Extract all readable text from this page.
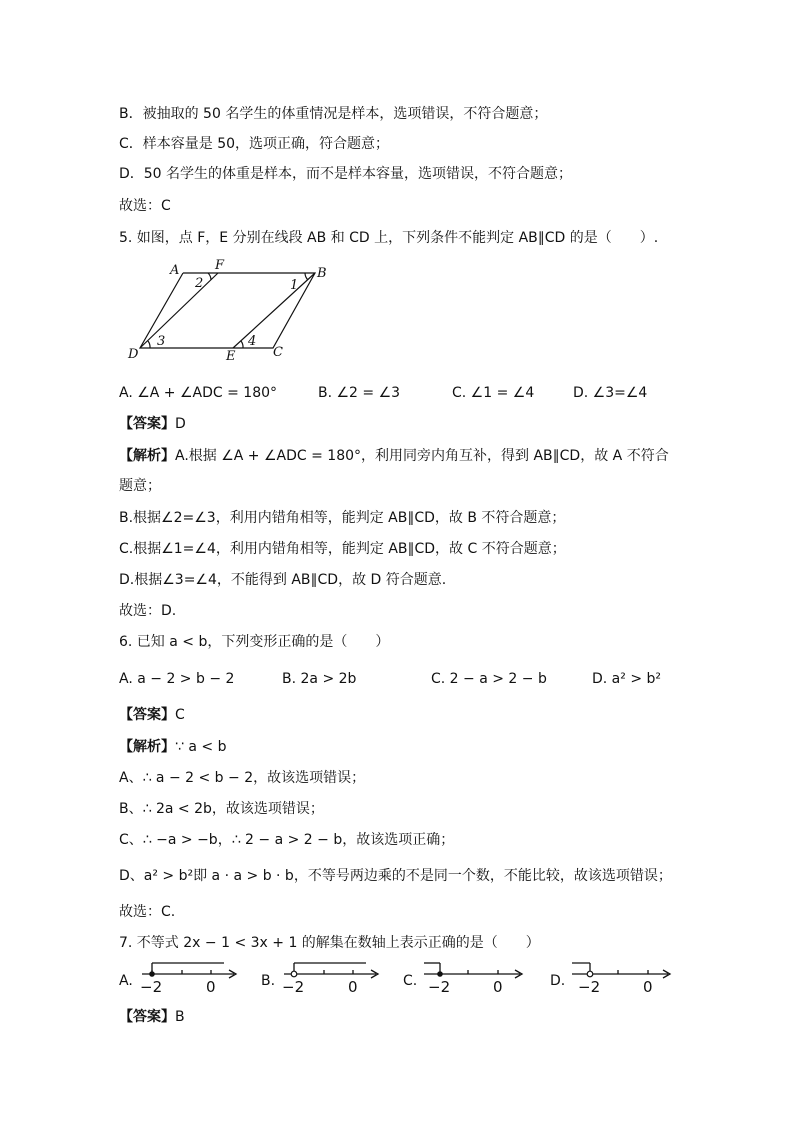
B．被抽取的 50 名学生的体重情况是样本，选项错误，不符合题意；
C．样本容量是 50，选项正确，符合题意；
D．50 名学生的体重是样本，而不是样本容量，选项错误，不符合题意；
故选：C
5. 如图，点 F，E 分别在线段 AB 和 CD 上，下列条件不能判定 AB∥CD 的是（　　）.
A	F
B
D	E	C
2	1
3	4
A. ∠A + ∠ADC = 180°	B. ∠2 = ∠3	C. ∠1 = ∠4	D. ∠3=∠4
【答案】D
【解析】A.根据 ∠A + ∠ADC = 180°，利用同旁内角互补，得到 AB∥CD，故 A 不符合
题意；
B.根据∠2=∠3，利用内错角相等，能判定 AB∥CD，故 B 不符合题意；
C.根据∠1=∠4，利用内错角相等，能判定 AB∥CD，故 C 不符合题意；
D.根据∠3=∠4，不能得到 AB∥CD，故 D 符合题意.
故选：D.
6. 已知 a < b，下列变形正确的是（　　）
A. a − 2 > b − 2	B. 2a > 2b	C. 2 − a > 2 − b	D. a² > b²
【答案】C
【解析】∵ a < b
A、∴ a − 2 < b − 2，故该选项错误；
B、∴ 2a < 2b，故该选项错误；
C、∴ −a > −b，∴ 2 − a > 2 − b，故该选项正确；
D、a² > b²即 a · a > b · b，不等号两边乘的不是同一个数，不能比较，故该选项错误；
故选：C.
7. 不等式 2x − 1 < 3x + 1 的解集在数轴上表示正确的是（　　）
A. −2	0	B. −2	0	C. −2	0	D. −2	0
【答案】B
